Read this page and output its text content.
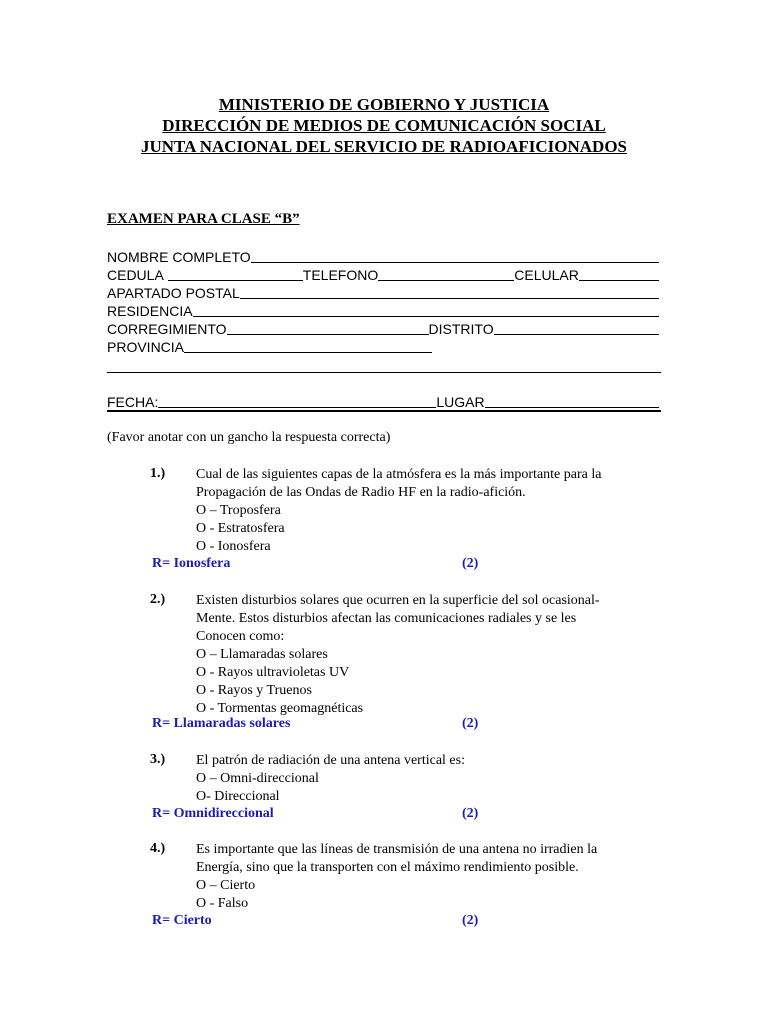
MINISTERIO DE GOBIERNO Y JUSTICIA
DIRECCIÓN DE MEDIOS DE COMUNICACIÓN SOCIAL
JUNTA NACIONAL DEL SERVICIO DE RADIOAFICIONADOS
EXAMEN PARA CLASE “B”
NOMBRE COMPLETO
CEDULA	TELEFONO	CELULAR
APARTADO POSTAL
RESIDENCIA
CORREGIMIENTO	DISTRITO
PROVINCIA
FECHA:	LUGAR
(Favor anotar con un gancho la respuesta correcta)
1.) Cual de las siguientes capas de la atmósfera es la más importante para la
Propagación de las Ondas de Radio HF en la radio-afición.
O – Troposfera
O - Estratosfera
O - Ionosfera
R= Ionosfera	(2)
2.) Existen disturbios solares que ocurren en la superficie del sol ocasional-
Mente. Estos disturbios afectan las comunicaciones radiales y se les
Conocen como:
O – Llamaradas solares
O - Rayos ultravioletas UV
O - Rayos y Truenos
O - Tormentas geomagnéticas
R= Llamaradas solares	(2)
3.) El patrón de radiación de una antena vertical es:
O – Omni-direccional
O- Direccional
R= Omnidireccional	(2)
4.) Es importante que las líneas de transmisión de una antena no irradien la
Energía, sino que la transporten con el máximo rendimiento posible.
O – Cierto
O - Falso
R= Cierto	(2)
